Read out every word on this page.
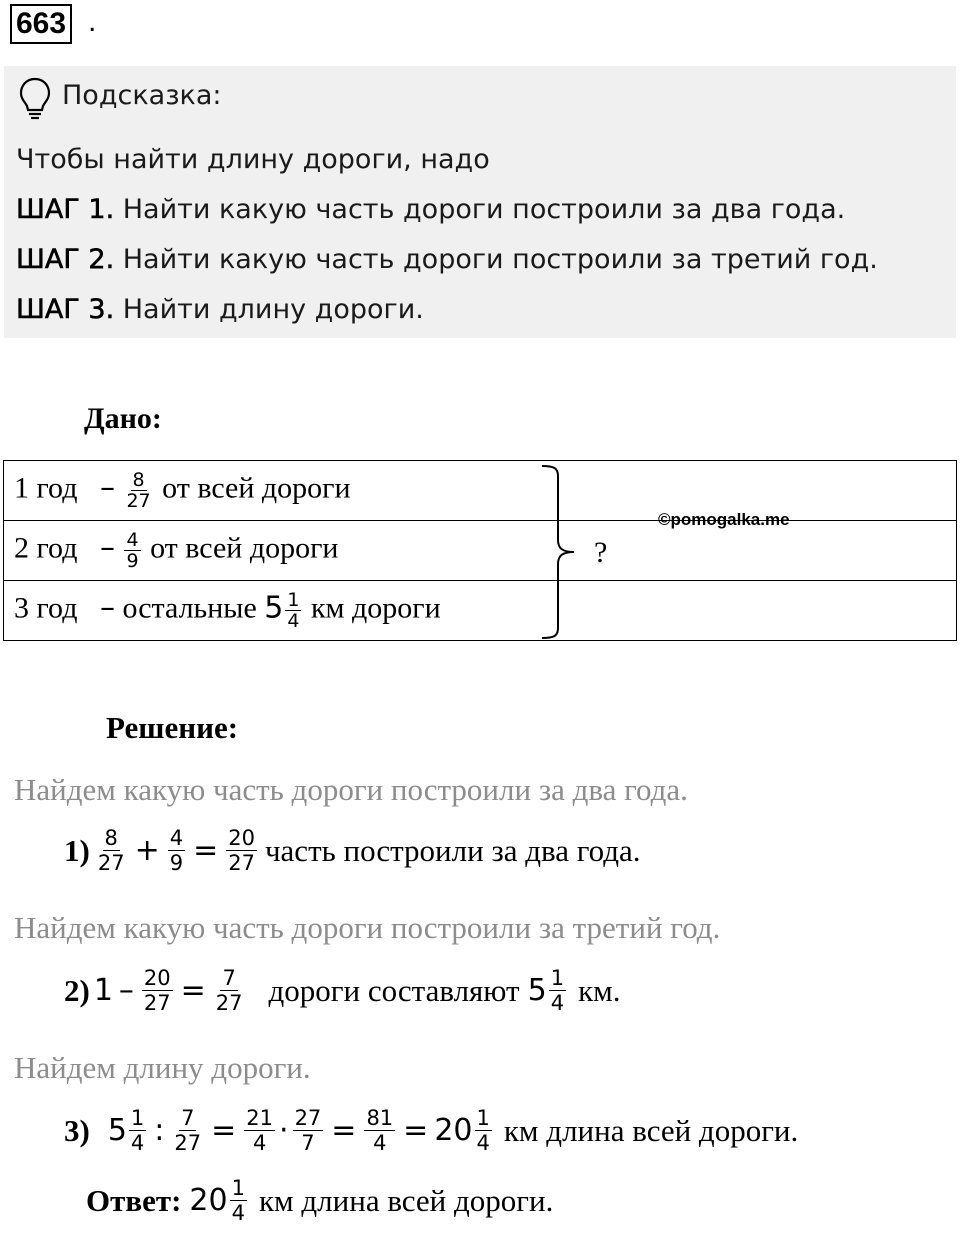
663 .
Подсказка:
Чтобы найти длину дороги, надо
ШАГ 1. Найти какую часть дороги построили за два года.
ШАГ 2. Найти какую часть дороги построили за третий год.
ШАГ 3. Найти длину дороги.
Дано:
1 год – $\frac{8}{27}$ от всей дороги	
2 год – $\frac{4}{9}$ от всей дороги	
3 год – остальные $5 \frac{1}{4}$ км дороги	
?
©pomogalka.me
Решение:
Найдем какую часть дороги построили за два года.
$1) \frac{8}{27} + \frac{4}{9} = \frac{20}{27}$ часть построили за два года.
Найдем какую часть дороги построили за третий год.
2) $1 - \frac{20}{27} = \frac{7}{27}$ дороги составляют $5 \frac{1}{4}$ км.
Найдем длину дороги.
3) $5 \frac{1}{4}$ : $\frac{7}{27} = \frac{21}{4} \cdot \frac{27}{7} = \frac{81}{4} = 20 \frac{1}{4}$ км длина всей дороги.
Ответ: $20 \frac{1}{4}$ км длина всей дороги.
